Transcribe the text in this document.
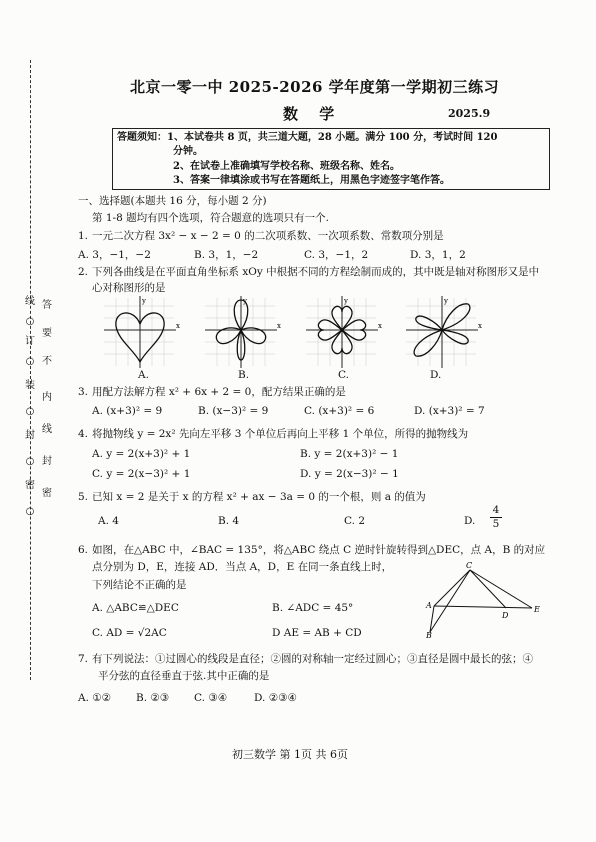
线
○
订
○
装
○
封
○
密
○
答
要
不
内
线
封
密
北京一零一中 2025-2026 学年度第一学期初三练习
数 学	2025.9
答题须知：1、本试卷共 8 页，共三道大题，28 小题。满分 100 分，考试时间 120
分钟。
2、在试卷上准确填写学校名称、班级名称、姓名。
3、答案一律填涂或书写在答题纸上，用黑色字迹签字笔作答。
一、选择题(本题共 16 分，每小题 2 分)
第 1-8 题均有四个选项，符合题意的选项只有一个.
1. 一元二次方程 3x² − x − 2 = 0 的二次项系数、一次项系数、常数项分别是
A. 3，−1，−2	B. 3，1，−2	C. 3，−1，2	D. 3，1，2
2. 下列各曲线是在平面直角坐标系 xOy 中根据不同的方程绘制而成的，其中既是轴对称图形又是中
心对称图形的是
x
y
A.
x
y
B.
x
y
C.
x
y
D.
3. 用配方法解方程 x² + 6x + 2 = 0，配方结果正确的是
A. (x+3)² = 9	B. (x−3)² = 9	C. (x+3)² = 6	D. (x+3)² = 7
4. 将抛物线 y = 2x² 先向左平移 3 个单位后再向上平移 1 个单位，所得的抛物线为
A. y = 2(x+3)² + 1	B. y = 2(x+3)² − 1
C. y = 2(x−3)² + 1	D. y = 2(x−3)² − 1
5. 已知 x = 2 是关于 x 的方程 x² + ax − 3a = 0 的一个根，则 a 的值为
A. 4	B. 4	C. 2	D. $\frac{4}{5}$
6. 如图，在△ABC 中，∠BAC = 135°，将△ABC 绕点 C 逆时针旋转得到△DEC，点 A，B 的对应
点分别为 D，E，连接 AD．当点 A，D，E 在同一条直线上时，
下列结论不正确的是
A. △ABC≌△DEC	B. ∠ADC = 45°
C. AD = √2AC	D AE = AB + CD
C
A
D
E
B
7. 有下列说法：①过圆心的线段是直径；②圆的对称轴一定经过圆心；③直径是圆中最长的弦；④
平分弦的直径垂直于弦.其中正确的是
A. ①② B. ②③ C. ③④	D. ②③④
初三数学 第 1页 共 6页
